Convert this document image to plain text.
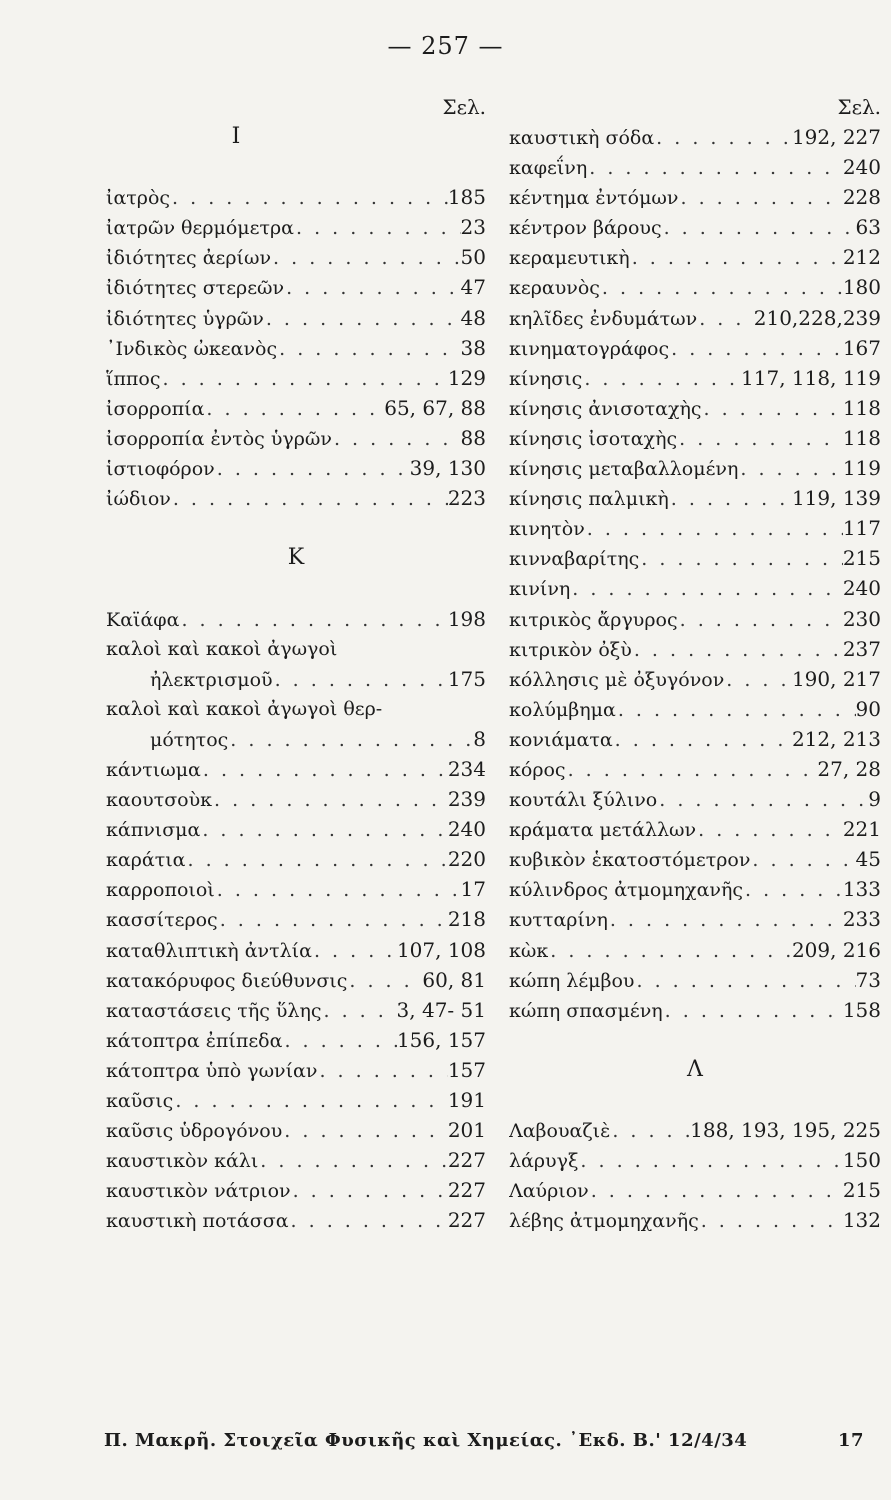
— 257 —
Σελ.
Ι
ἰατρὸς . . .	185
ἰατρῶν θερμόμετρα . . .	23
ἰδιότητες ἀερίων . . .	50
ἰδιότητες στερεῶν . . .	47
ἰδιότητες ὑγρῶν . . .	48
᾿Ινδικὸς ὠκεανὸς . . .	38
ἵππος . . .	129
ἰσορροπία . . .	65, 67, 88
ἰσορροπία ἐντὸς ὑγρῶν . . .	88
ἱστιοφόρον . . .	39, 130
ἰώδιον . . .	223
Κ
Καϊάφα . . .	198
καλοὶ καὶ κακοὶ ἀγωγοὶ
ἠλεκτρισμοῦ . . .	175
καλοὶ καὶ κακοὶ ἀγωγοὶ θερ-
μότητος . . .	8
κάντιωμα . . .	234
καουτσοὺκ . . .	239
κάπνισμα . . .	240
καράτια . . .	220
καρροποιοὶ . . .	17
κασσίτερος . . .	218
καταθλιπτικὴ ἀντλία . . .	107, 108
κατακόρυφος διεύθυνσις . . .	60, 81
καταστάσεις τῆς ὕλης . . .	3, 47- 51
κάτοπτρα ἐπίπεδα . . .	156, 157
κάτοπτρα ὑπὸ γωνίαν . . .	157
καῦσις . . .	191
καῦσις ὑδρογόνου . . .	201
καυστικὸν κάλι . . .	227
καυστικὸν νάτριον . . .	227
καυστικὴ ποτάσσα . . .	227
Σελ.
καυστικὴ σόδα . . .	192, 227
καφεΐνη . . .	240
κέντημα ἐντόμων . . .	228
κέντρον βάρους . . .	63
κεραμευτικὴ . . .	212
κεραυνὸς . . .	180
κηλῖδες ἐνδυμάτων . . .	210,228,239
κινηματογράφος . . .	167
κίνησις . . .	117, 118, 119
κίνησις ἀνισοταχὴς . . .	118
κίνησις ἰσοταχὴς . . .	118
κίνησις μεταβαλλομένη . . .	119
κίνησις παλμικὴ . . .	119, 139
κινητὸν . . .	117
κινναβαρίτης . . .	215
κινίνη . . .	240
κιτρικὸς ἄργυρος . . .	230
κιτρικὸν ὀξὺ . . .	237
κόλλησις μὲ ὀξυγόνον . . .	190, 217
κολύμβημα . . .	90
κονιάματα . . .	212, 213
κόρος . . .	27, 28
κουτάλι ξύλινο . . .	9
κράματα μετάλλων . . .	221
κυβικὸν ἑκατοστόμετρον . . .	45
κύλινδρος ἀτμομηχανῆς . . .	133
κυτταρίνη . . .	233
κὼκ . . .	209, 216
κώπη λέμβου . . .	73
κώπη σπασμένη . . .	158
Λ
Λαβουαζιὲ . . .	188, 193, 195, 225
λάρυγξ . . .	150
Λαύριον . . .	215
λέβης ἀτμομηχανῆς . . .	132
Π. Μακρῆ. Στοιχεῖα Φυσικῆς καὶ Χημείας. ᾿Εκδ. Β.' 12/4/34	17
